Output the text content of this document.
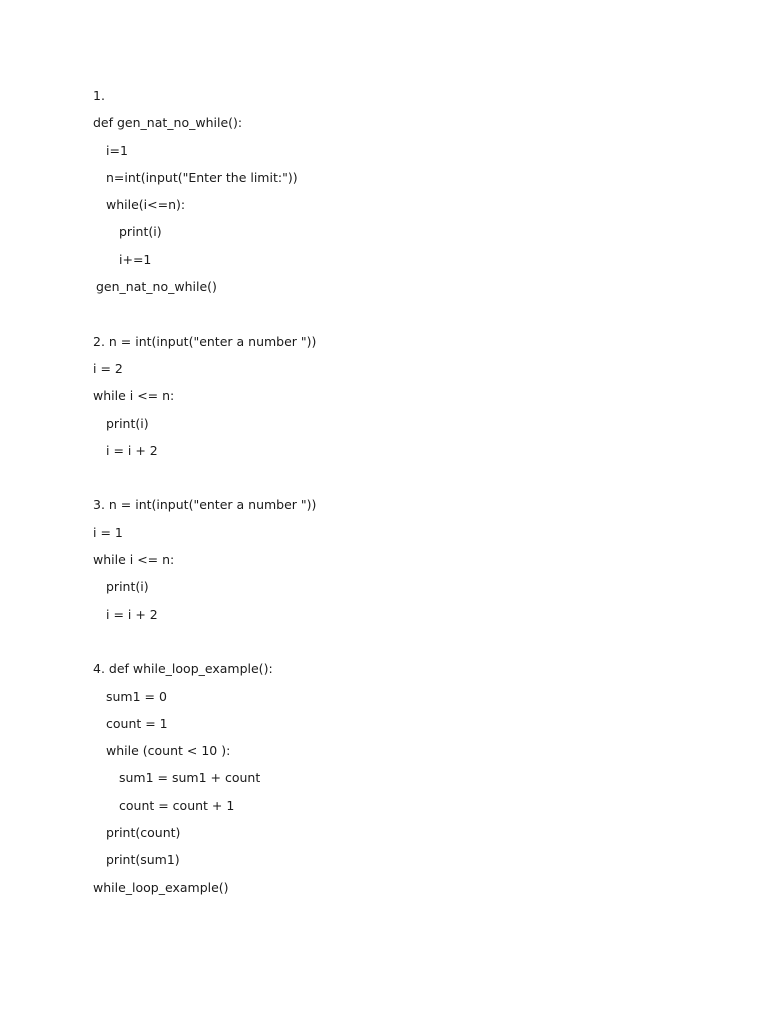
1.
def gen_nat_no_while():
i=1
n=int(input("Enter the limit:"))
while(i<=n):
print(i)
i+=1
gen_nat_no_while()
2. n = int(input("enter a number "))
i = 2
while i <= n:
print(i)
i = i + 2
3. n = int(input("enter a number "))
i = 1
while i <= n:
print(i)
i = i + 2
4. def while_loop_example():
sum1 = 0
count = 1
while (count < 10 ):
sum1 = sum1 + count
count = count + 1
print(count)
print(sum1)
while_loop_example()
